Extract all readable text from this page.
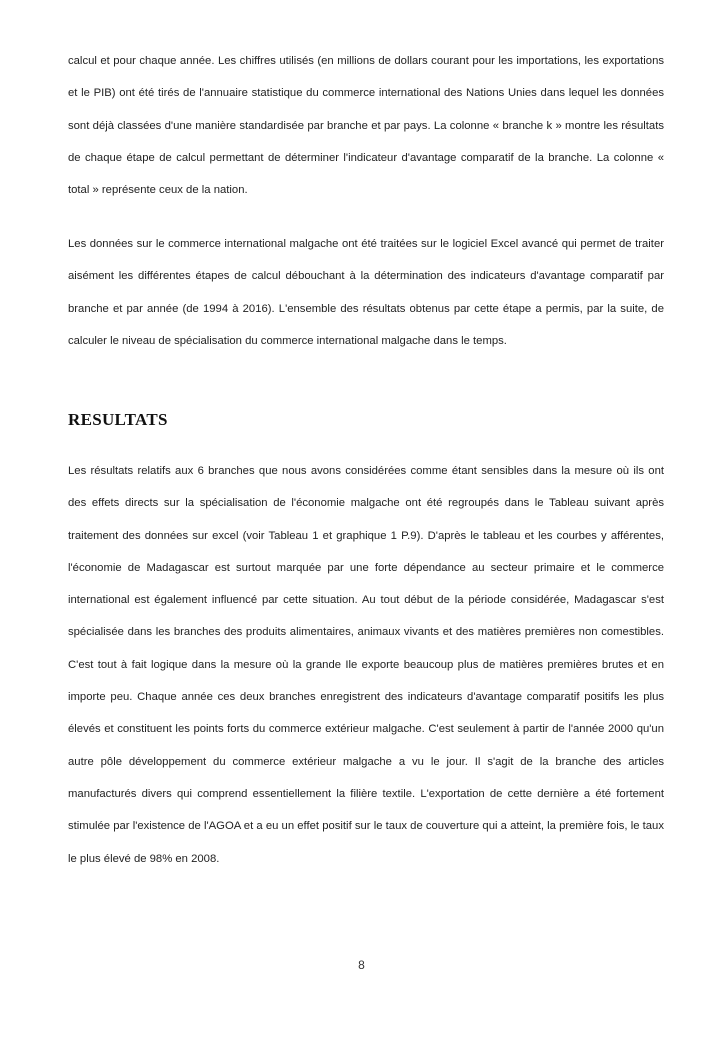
calcul et pour chaque année. Les chiffres utilisés (en millions de dollars courant pour les importations, les exportations et le PIB) ont été tirés de l'annuaire statistique du commerce international des Nations Unies dans lequel les données sont déjà classées d'une manière standardisée par branche et par pays. La colonne « branche k » montre les résultats de chaque étape de calcul permettant de déterminer l'indicateur d'avantage comparatif de la branche. La colonne « total » représente ceux de la nation.

Les données sur le commerce international malgache ont été traitées sur le logiciel Excel avancé qui permet de traiter aisément les différentes étapes de calcul débouchant à la détermination des indicateurs d'avantage comparatif par branche et par année (de 1994 à 2016). L'ensemble des résultats obtenus par cette étape a permis, par la suite, de calculer le niveau de spécialisation du commerce international malgache dans le temps.

RESULTATS

Les résultats relatifs aux 6 branches que nous avons considérées comme étant sensibles dans la mesure où ils ont des effets directs sur la spécialisation de l'économie malgache ont été regroupés dans le Tableau suivant après traitement des données sur excel (voir Tableau 1 et graphique 1 P.9). D'après le tableau et les courbes y afférentes, l'économie de Madagascar est surtout marquée par une forte dépendance au secteur primaire et le commerce international est également influencé par cette situation. Au tout début de la période considérée, Madagascar s'est spécialisée dans les branches des produits alimentaires, animaux vivants et des matières premières non comestibles. C'est tout à fait logique dans la mesure où la grande Ile exporte beaucoup plus de matières premières brutes et en importe peu. Chaque année ces deux branches enregistrent des indicateurs d'avantage comparatif positifs les plus élevés et constituent les points forts du commerce extérieur malgache. C'est seulement à partir de l'année 2000 qu'un autre pôle développement du commerce extérieur malgache a vu le jour. Il s'agit de la branche des articles manufacturés divers qui comprend essentiellement la filière textile. L'exportation de cette dernière a été fortement stimulée par l'existence de l'AGOA et a eu un effet positif sur le taux de couverture qui a atteint, la première fois, le taux le plus élevé de 98% en 2008.

8
